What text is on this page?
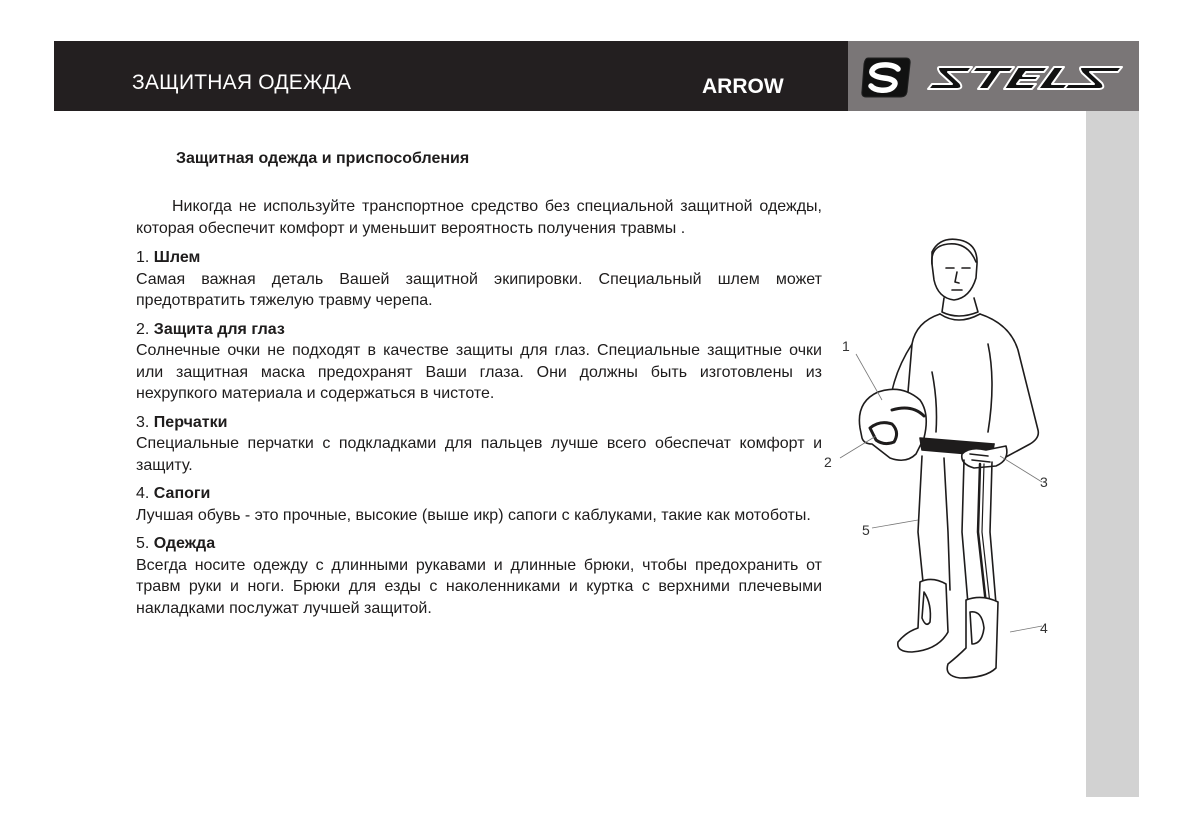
ЗАЩИТНАЯ ОДЕЖДА	ARROW
Защитная одежда и приспособления

Никогда не используйте транспортное средство без специальной защитной одежды, которая обеспечит комфорт и уменьшит вероятность получения травмы .

1. Шлем

Самая важная деталь Вашей защитной экипировки. Специальный шлем может предотвратить тяжелую травму черепа.

2. Защита для глаз

Солнечные очки не подходят в качестве защиты для глаз. Специальные защитные очки или защитная маска предохранят Ваши глаза. Они должны быть изготовлены из нехрупкого материала и содержаться в чистоте.

3. Перчатки

Специальные перчатки с подкладками для пальцев лучше всего обеспечат комфорт и защиту.

4. Сапоги

Лучшая обувь - это прочные, высокие (выше икр) сапоги с каблуками, такие как мотоботы.

5. Одежда

Всегда носите одежду с длинными рукавами и длинные брюки, чтобы предохранить от травм руки и ноги. Брюки для езды с наколенниками и куртка с верхними плечевыми накладками послужат лучшей защитой.

1
2
3
4
5
